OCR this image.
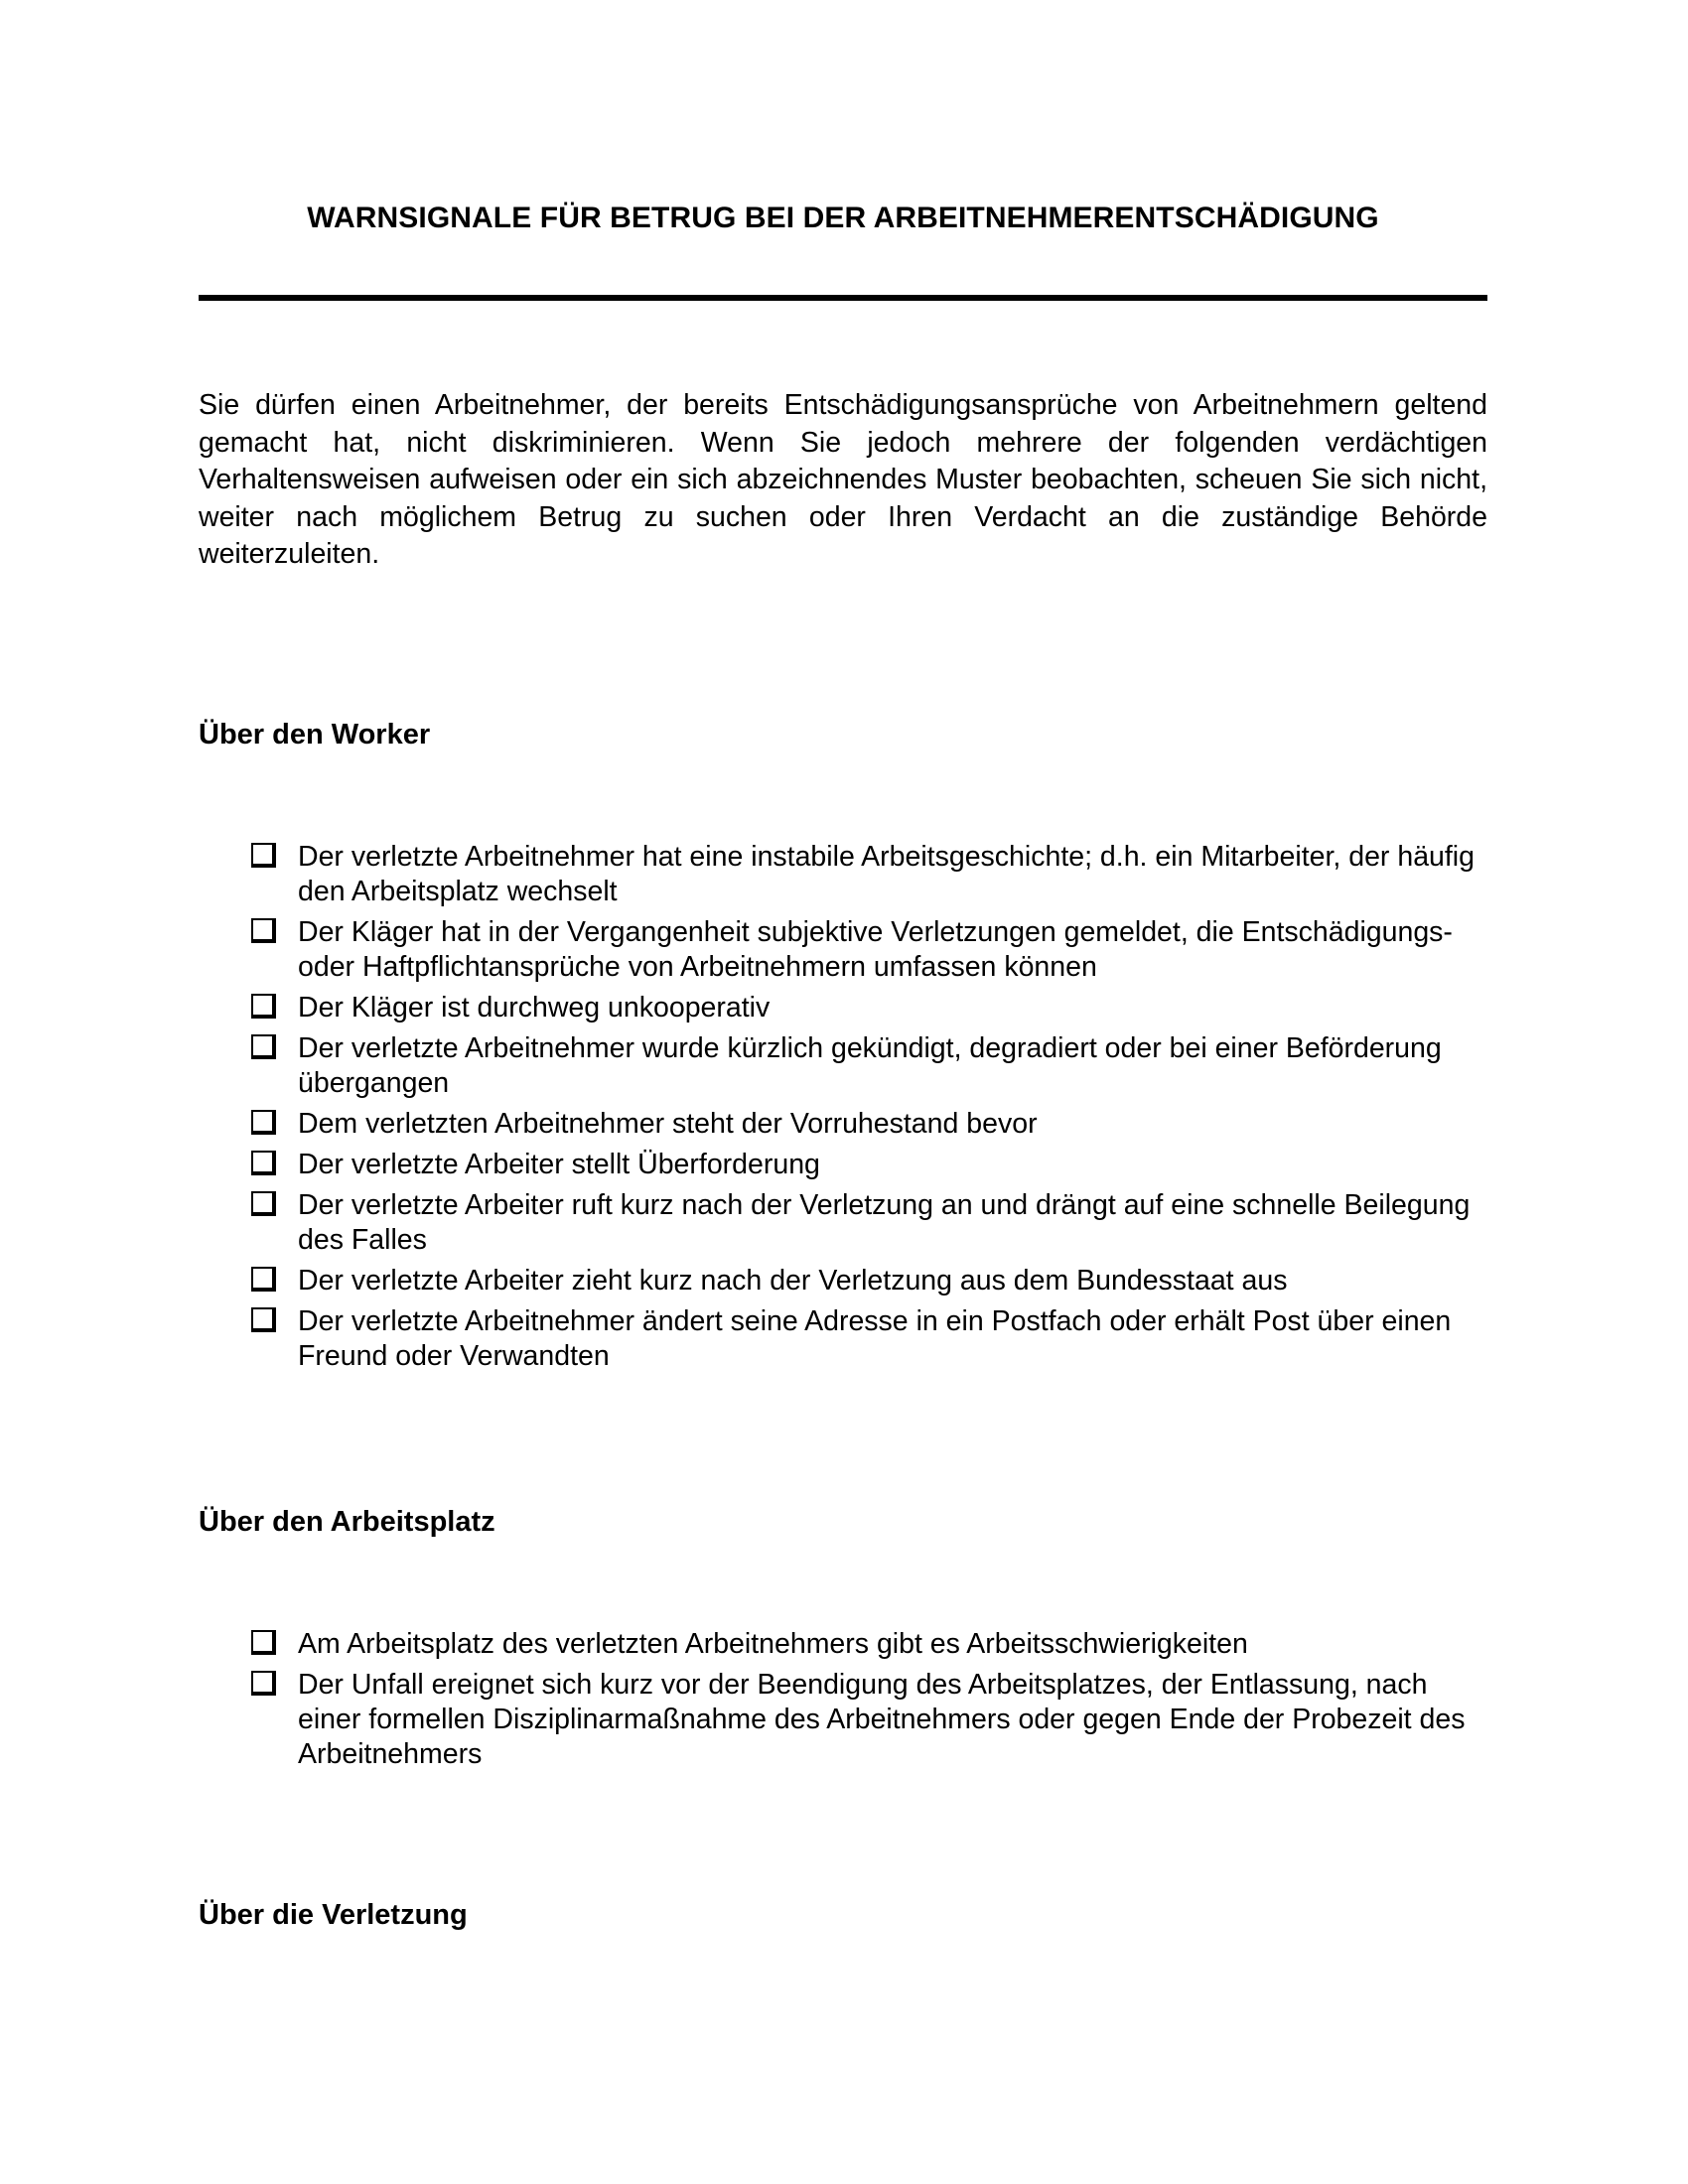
WARNSIGNALE FÜR BETRUG BEI DER ARBEITNEHMERENTSCHÄDIGUNG

Sie dürfen einen Arbeitnehmer, der bereits Entschädigungsansprüche von Arbeitnehmern geltend gemacht hat, nicht diskriminieren. Wenn Sie jedoch mehrere der folgenden verdächtigen Verhaltensweisen aufweisen oder ein sich abzeichnendes Muster beobachten, scheuen Sie sich nicht, weiter nach möglichem Betrug zu suchen oder Ihren Verdacht an die zuständige Behörde weiterzuleiten.

Über den Worker
Der verletzte Arbeitnehmer hat eine instabile Arbeitsgeschichte; d.h. ein Mitarbeiter, der häufig den Arbeitsplatz wechselt
Der Kläger hat in der Vergangenheit subjektive Verletzungen gemeldet, die Entschädigungs- oder Haftpflichtansprüche von Arbeitnehmern umfassen können
Der Kläger ist durchweg unkooperativ
Der verletzte Arbeitnehmer wurde kürzlich gekündigt, degradiert oder bei einer Beförderung übergangen
Dem verletzten Arbeitnehmer steht der Vorruhestand bevor
Der verletzte Arbeiter stellt Überforderung
Der verletzte Arbeiter ruft kurz nach der Verletzung an und drängt auf eine schnelle Beilegung des Falles
Der verletzte Arbeiter zieht kurz nach der Verletzung aus dem Bundesstaat aus
Der verletzte Arbeitnehmer ändert seine Adresse in ein Postfach oder erhält Post über einen Freund oder Verwandten
Über den Arbeitsplatz
Am Arbeitsplatz des verletzten Arbeitnehmers gibt es Arbeitsschwierigkeiten
Der Unfall ereignet sich kurz vor der Beendigung des Arbeitsplatzes, der Entlassung, nach einer formellen Disziplinarmaßnahme des Arbeitnehmers oder gegen Ende der Probezeit des Arbeitnehmers
Über die Verletzung
